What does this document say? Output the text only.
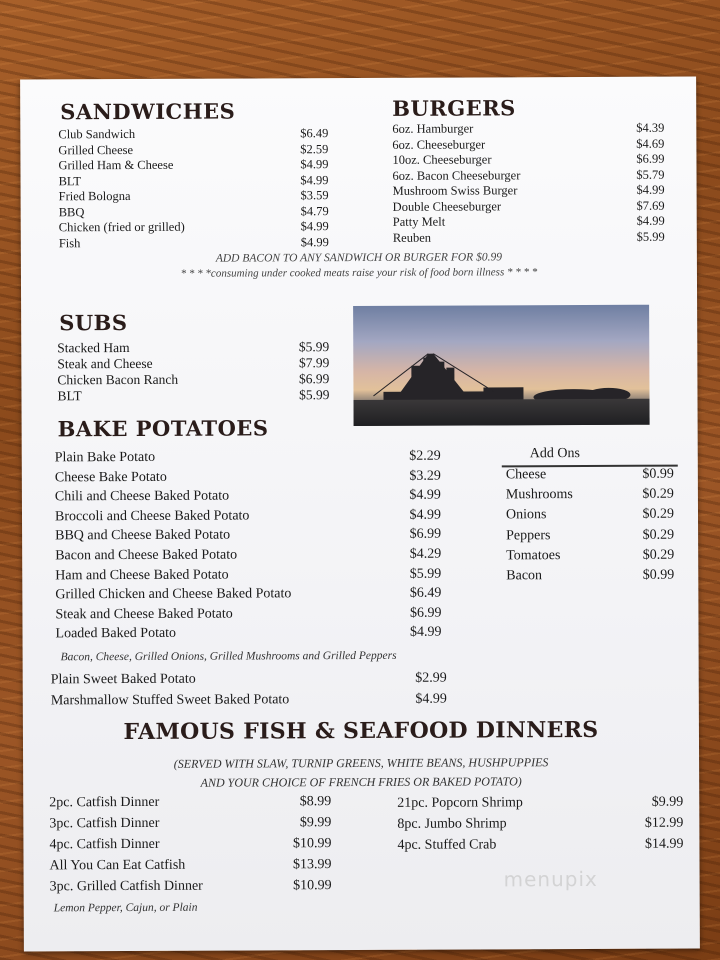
SANDWICHES
Club Sandwich	$6.49
Grilled Cheese	$2.59
Grilled Ham & Cheese	$4.99
BLT	$4.99
Fried Bologna	$3.59
BBQ	$4.79
Chicken (fried or grilled)	$4.99
Fish	$4.99
BURGERS
6oz. Hamburger	$4.39
6oz. Cheeseburger	$4.69
10oz. Cheeseburger	$6.99
6oz. Bacon Cheeseburger	$5.79
Mushroom Swiss Burger	$4.99
Double Cheeseburger	$7.69
Patty Melt	$4.99
Reuben	$5.99
ADD BACON TO ANY SANDWICH OR BURGER FOR $0.99
* * * *consuming under cooked meats raise your risk of food born illness * * * *
SUBS
Stacked Ham	$5.99
Steak and Cheese	$7.99
Chicken Bacon Ranch	$6.99
BLT	$5.99
BAKE POTATOES
Plain Bake Potato	$2.29
Cheese Bake Potato	$3.29
Chili and Cheese Baked Potato	$4.99
Broccoli and Cheese Baked Potato	$4.99
BBQ and Cheese Baked Potato	$6.99
Bacon and Cheese Baked Potato	$4.29
Ham and Cheese Baked Potato	$5.99
Grilled Chicken and Cheese Baked Potato	$6.49
Steak and Cheese Baked Potato	$6.99
Loaded Baked Potato	$4.99
Bacon, Cheese, Grilled Onions, Grilled Mushrooms and Grilled Peppers
Plain Sweet Baked Potato	$2.99
Marshmallow Stuffed Sweet Baked Potato	$4.99
Add Ons
Cheese	$0.99
Mushrooms	$0.29
Onions	$0.29
Peppers	$0.29
Tomatoes	$0.29
Bacon	$0.99
FAMOUS FISH & SEAFOOD DINNERS
(SERVED WITH SLAW, TURNIP GREENS, WHITE BEANS, HUSHPUPPIES
AND YOUR CHOICE OF FRENCH FRIES OR BAKED POTATO)
2pc. Catfish Dinner	$8.99
3pc. Catfish Dinner	$9.99
4pc. Catfish Dinner	$10.99
All You Can Eat Catfish	$13.99
3pc. Grilled Catfish Dinner	$10.99
Lemon Pepper, Cajun, or Plain
21pc. Popcorn Shrimp	$9.99
8pc. Jumbo Shrimp	$12.99
4pc. Stuffed Crab	$14.99
menupix
